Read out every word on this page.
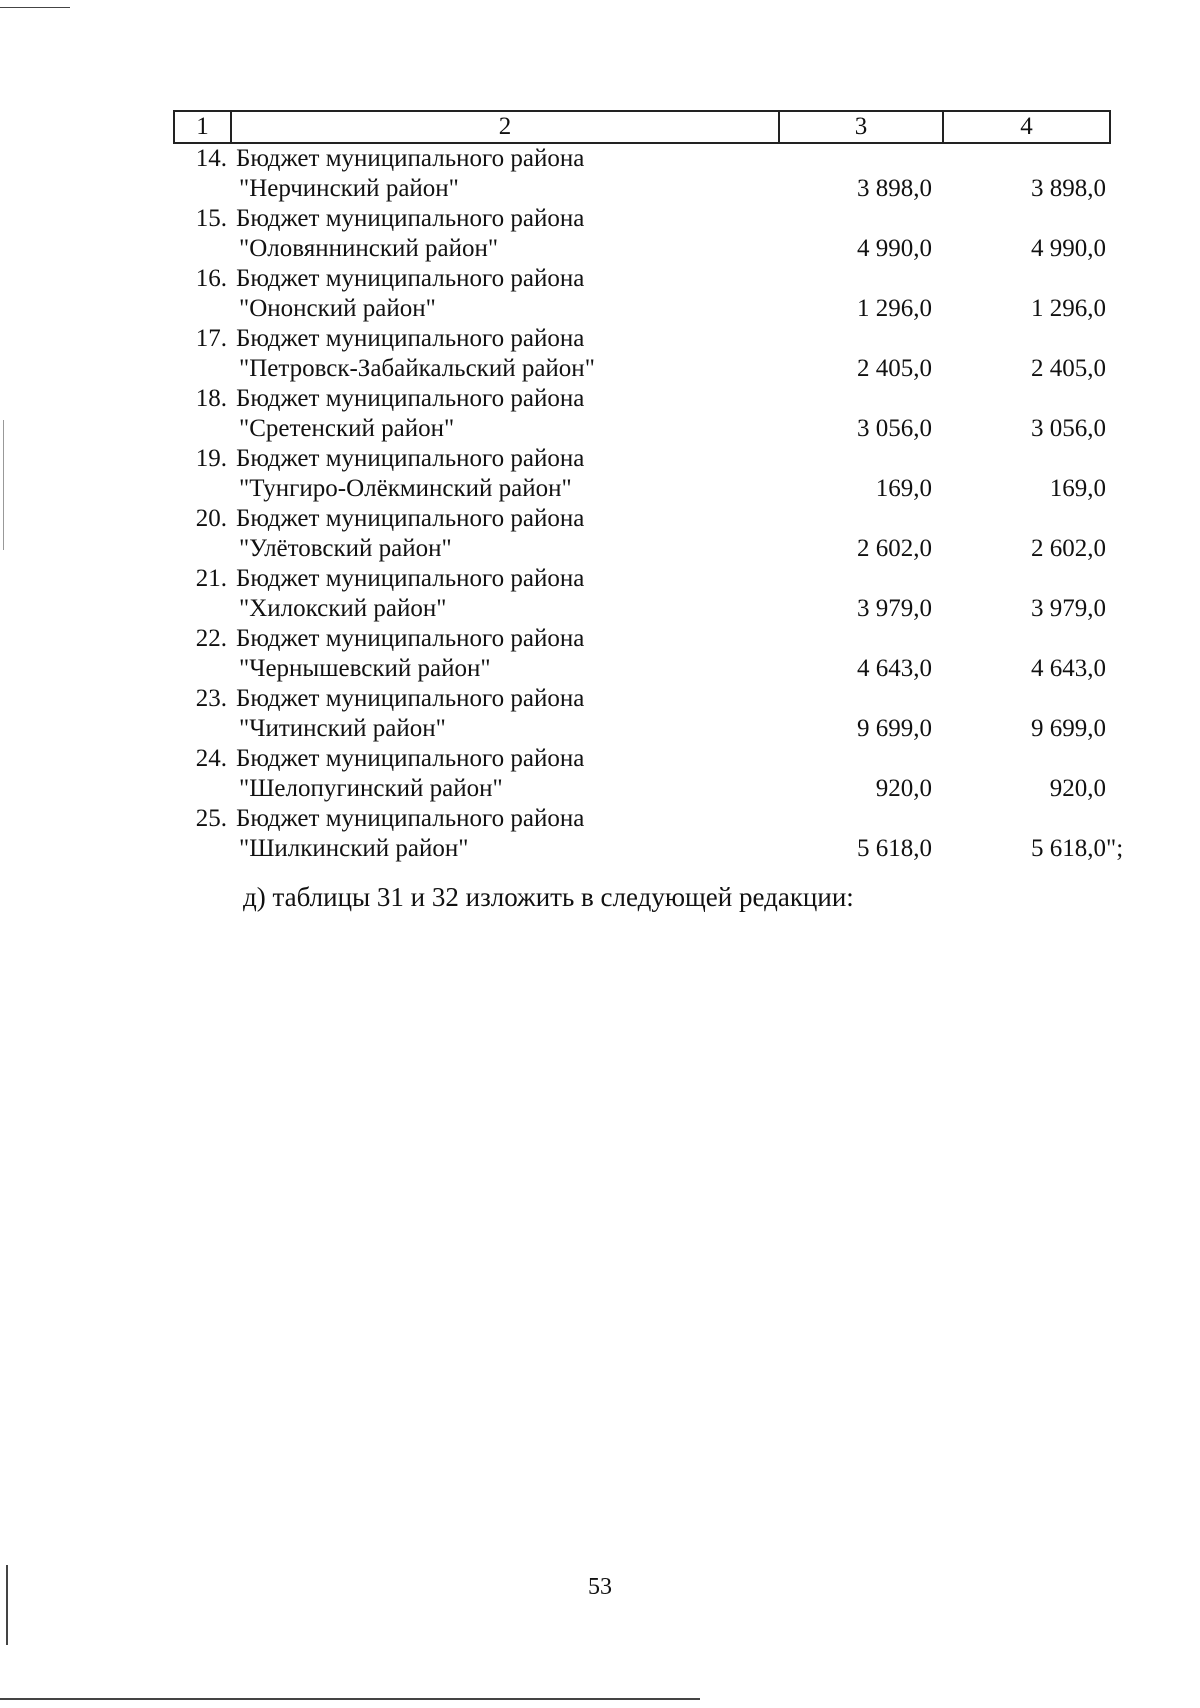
1	2	3	4
14.	Бюджет муниципального района
"Нерчинский район"	3 898,0	3 898,0
15.	Бюджет муниципального района
"Оловяннинский район"	4 990,0	4 990,0
16.	Бюджет муниципального района
"Ононский район"	1 296,0	1 296,0
17.	Бюджет муниципального района
"Петровск-Забайкальский район"	2 405,0	2 405,0
18.	Бюджет муниципального района
"Сретенский район"	3 056,0	3 056,0
19.	Бюджет муниципального района
"Тунгиро-Олёкминский район"	169,0	169,0
20.	Бюджет муниципального района
"Улётовский район"	2 602,0	2 602,0
21.	Бюджет муниципального района
"Хилокский район"	3 979,0	3 979,0
22.	Бюджет муниципального района
"Чернышевский район"	4 643,0	4 643,0
23.	Бюджет муниципального района
"Читинский район"	9 699,0	9 699,0
24.	Бюджет муниципального района
"Шелопугинский район"	920,0	920,0
25.	Бюджет муниципального района
"Шилкинский район"	5 618,0	5 618,0 ";
д) таблицы 31 и 32 изложить в следующей редакции:
53
